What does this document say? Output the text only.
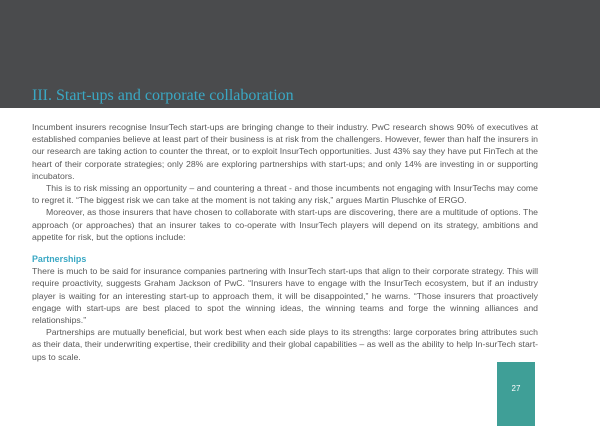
III. Start-ups and corporate collaboration

Incumbent insurers recognise InsurTech start-ups are bringing change to their industry. PwC research shows 90% of executives at established companies believe at least part of their business is at risk from the challengers. However, fewer than half the insurers in our research are taking action to counter the threat, or to exploit InsurTech opportunities. Just 43% say they have put FinTech at the heart of their corporate strategies; only 28% are exploring partnerships with start-ups; and only 14% are investing in or supporting incubators.

This is to risk missing an opportunity – and countering a threat - and those incumbents not engaging with InsurTechs may come to regret it. “The biggest risk we can take at the moment is not taking any risk,” argues Martin Pluschke of ERGO.

Moreover, as those insurers that have chosen to collaborate with start-ups are discovering, there are a multitude of options. The approach (or approaches) that an insurer takes to co-operate with InsurTech players will depend on its strategy, ambitions and appetite for risk, but the options include:

Partnerships

There is much to be said for insurance companies partnering with InsurTech start-ups that align to their corporate strategy. This will require proactivity, suggests Graham Jackson of PwC. “Insurers have to engage with the InsurTech ecosystem, but if an industry player is waiting for an interesting start-up to approach them, it will be disappointed,” he warns. “Those insurers that proactively engage with start-ups are best placed to spot the winning ideas, the winning teams and forge the winning alliances and relationships.”

Partnerships are mutually beneficial, but work best when each side plays to its strengths: large corporates bring attributes such as their data, their underwriting expertise, their credibility and their global capabilities – as well as the ability to help In-surTech start-ups to scale.

27
